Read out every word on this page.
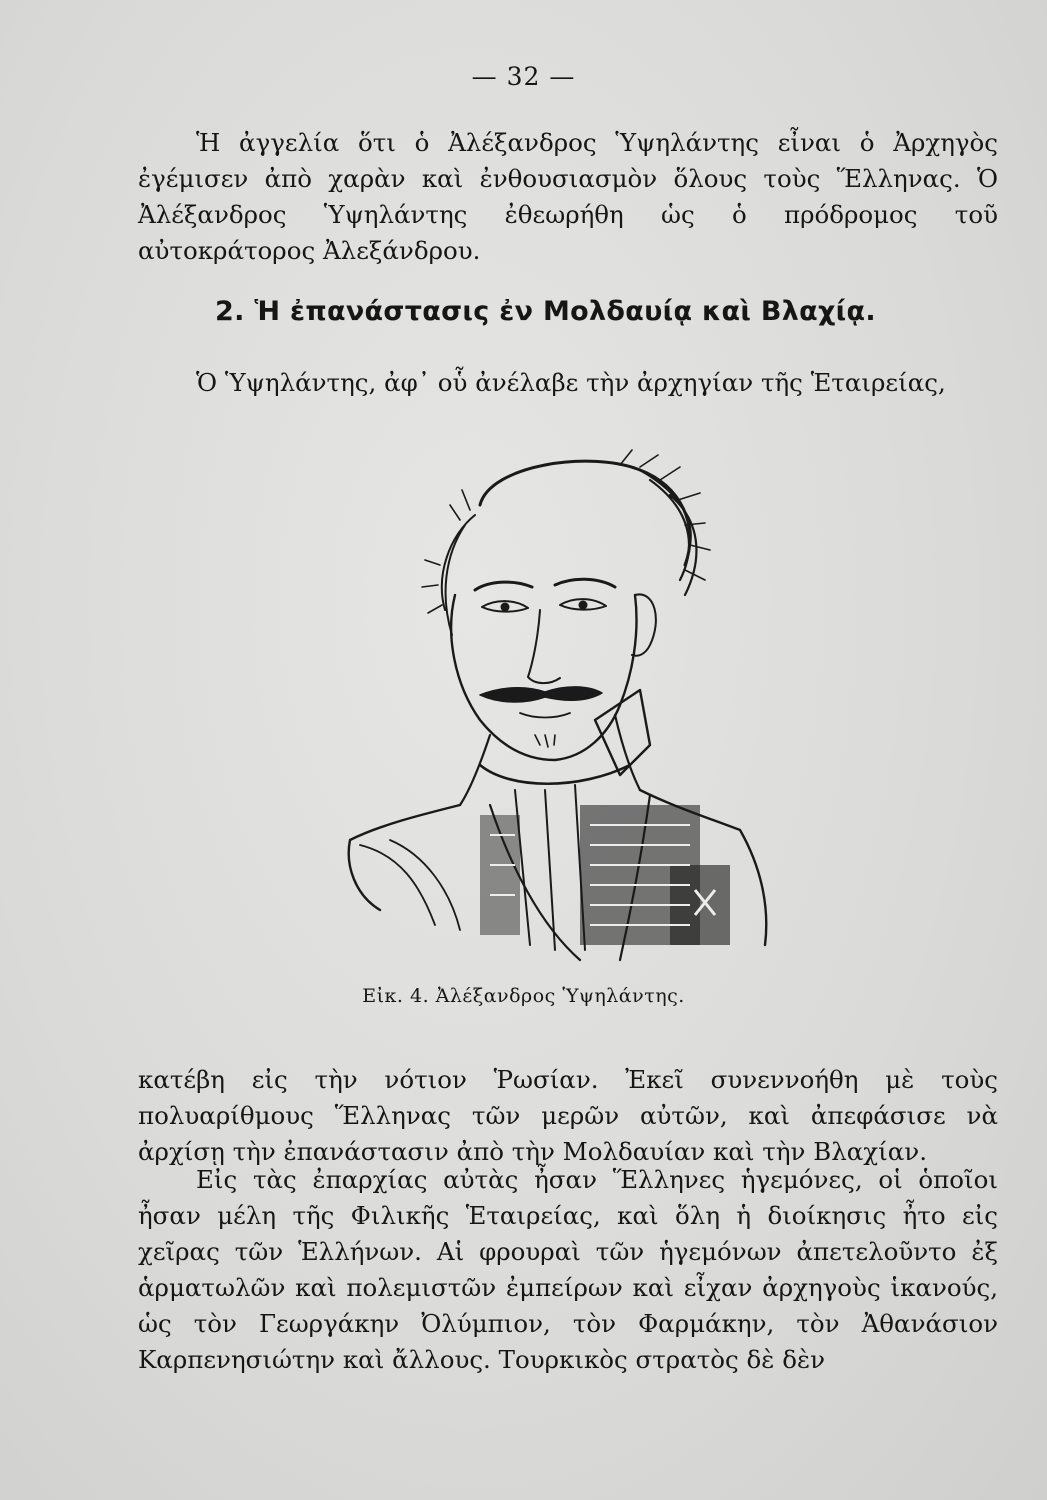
— 32 —

Ἡ ἀγγελία ὅτι ὁ Ἀλέξανδρος Ὑψηλάντης εἶναι ὁ Ἀρχηγὸς ἐγέμισεν ἀπὸ χαρὰν καὶ ἐνθουσιασμὸν ὅλους τοὺς Ἕλληνας. Ὁ Ἀλέξανδρος Ὑψηλάντης ἐθεωρήθη ὡς ὁ πρόδρομος τοῦ αὐτοκράτορος Ἀλεξάνδρου.

2. Ἡ ἐπανάστασις ἐν Μολδαυίᾳ καὶ Βλαχίᾳ.

Ὁ Ὑψηλάντης, ἀφ᾽ οὗ ἀνέλαβε τὴν ἀρχηγίαν τῆς Ἑταιρείας,

Εἰκ. 4. Ἀλέξανδρος Ὑψηλάντης.

κατέβη εἰς τὴν νότιον Ῥωσίαν. Ἐκεῖ συνεννοήθη μὲ τοὺς πολυαρίθμους Ἕλληνας τῶν μερῶν αὐτῶν, καὶ ἀπεφάσισε νὰ ἀρχίσῃ τὴν ἐπανάστασιν ἀπὸ τὴν Μολδαυίαν καὶ τὴν Βλαχίαν.

Εἰς τὰς ἐπαρχίας αὐτὰς ἦσαν Ἕλληνες ἡγεμόνες, οἱ ὁποῖοι ἦσαν μέλη τῆς Φιλικῆς Ἑταιρείας, καὶ ὅλη ἡ διοίκησις ἦτο εἰς χεῖρας τῶν Ἑλλήνων. Αἱ φρουραὶ τῶν ἡγεμόνων ἀπετελοῦντο ἐξ ἁρματωλῶν καὶ πολεμιστῶν ἐμπείρων καὶ εἶχαν ἀρχηγοὺς ἱκανούς, ὡς τὸν Γεωργάκην Ὀλύμπιον, τὸν Φαρμάκην, τὸν Ἀθανάσιον Καρπενησιώτην καὶ ἄλλους. Τουρκικὸς στρατὸς δὲ δὲν
